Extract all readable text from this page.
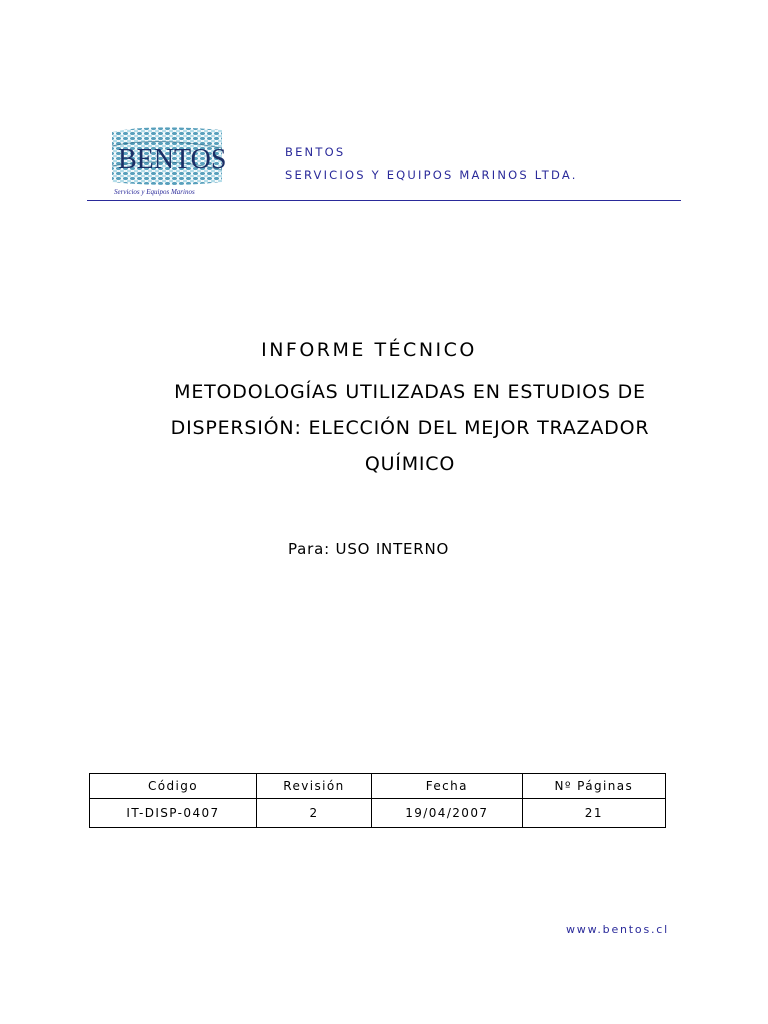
BENTOS
Servicios y Equipos Marinos
BENTOS
SERVICIOS Y EQUIPOS MARINOS LTDA.
INFORME TÉCNICO
METODOLOGÍAS UTILIZADAS EN ESTUDIOS DE
DISPERSIÓN: ELECCIÓN DEL MEJOR TRAZADOR
QUÍMICO
Para: USO INTERNO
Código	Revisión	Fecha	Nº Páginas
IT-DISP-0407	2	19/04/2007	21
www.bentos.cl
